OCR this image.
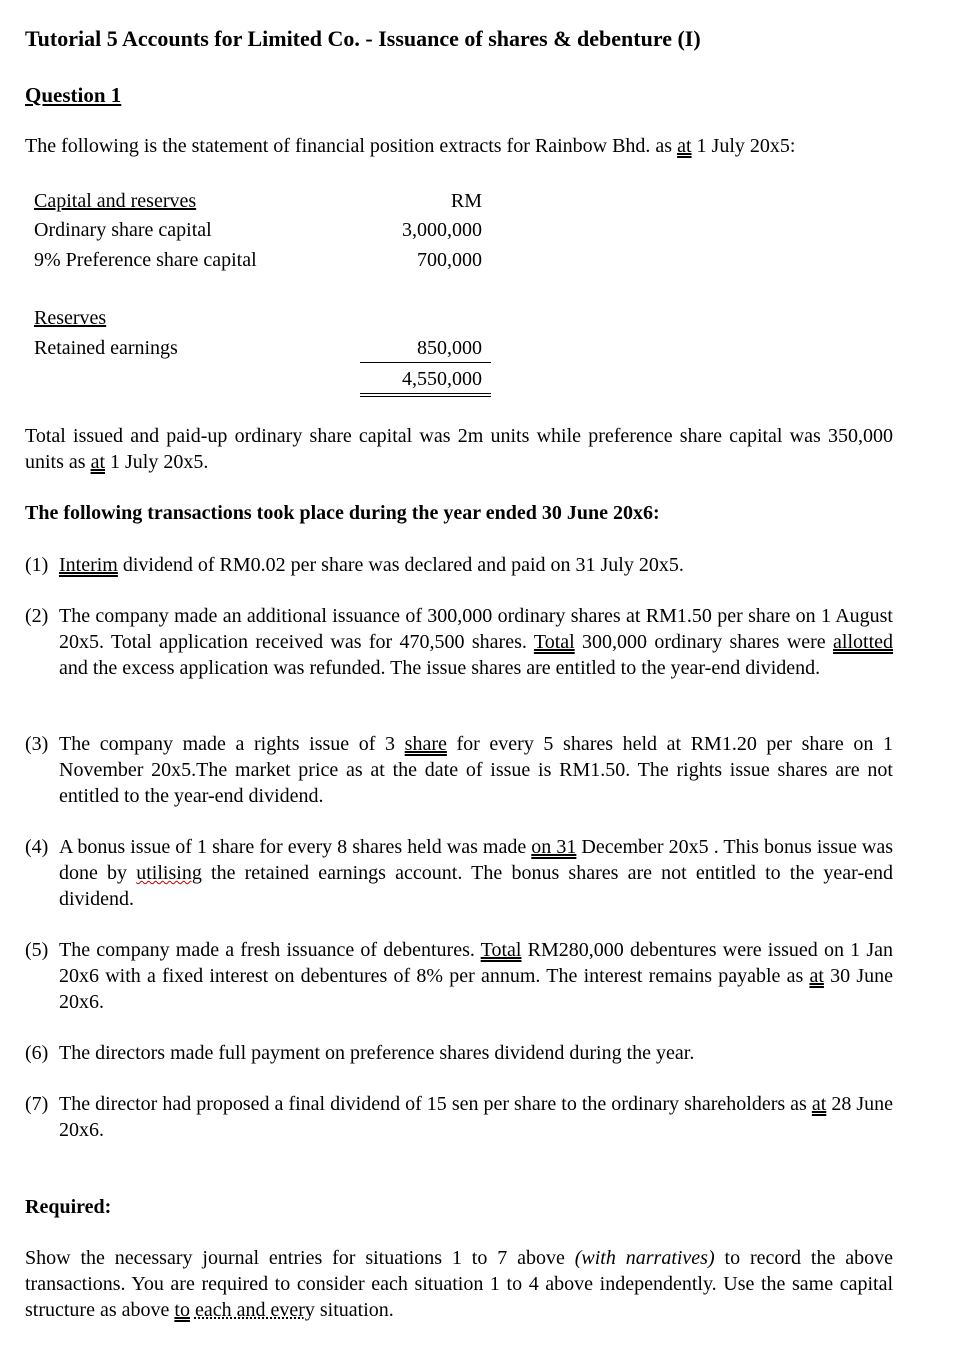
Tutorial 5 Accounts for Limited Co. - Issuance of shares & debenture (I)
Question 1
The following is the statement of financial position extracts for Rainbow Bhd. as at 1 July 20x5:
Capital and reserves	RM
Ordinary share capital	3,000,000
9% Preference share capital	700,000
Reserves
Retained earnings	850,000
4,550,000
Total issued and paid-up ordinary share capital was 2m units while preference share capital was 350,000 units as at 1 July 20x5.
The following transactions took place during the year ended 30 June 20x6:
(1) Interim dividend of RM0.02 per share was declared and paid on 31 July 20x5.
(2) The company made an additional issuance of 300,000 ordinary shares at RM1.50 per share on 1 August 20x5. Total application received was for 470,500 shares. Total 300,000 ordinary shares were allotted and the excess application was refunded. The issue shares are entitled to the year-end dividend.
(3) The company made a rights issue of 3 share for every 5 shares held at RM1.20 per share on 1 November 20x5.The market price as at the date of issue is RM1.50. The rights issue shares are not entitled to the year-end dividend.
(4) A bonus issue of 1 share for every 8 shares held was made on 31 December 20x5 . This bonus issue was done by utilising the retained earnings account. The bonus shares are not entitled to the year-end dividend.
(5) The company made a fresh issuance of debentures. Total RM280,000 debentures were issued on 1 Jan 20x6 with a fixed interest on debentures of 8% per annum. The interest remains payable as at 30 June 20x6.
(6) The directors made full payment on preference shares dividend during the year.
(7) The director had proposed a final dividend of 15 sen per share to the ordinary shareholders as at 28 June 20x6.
Required:
Show the necessary journal entries for situations 1 to 7 above (with narratives) to record the above transactions. You are required to consider each situation 1 to 4 above independently. Use the same capital structure as above to each and every situation.
